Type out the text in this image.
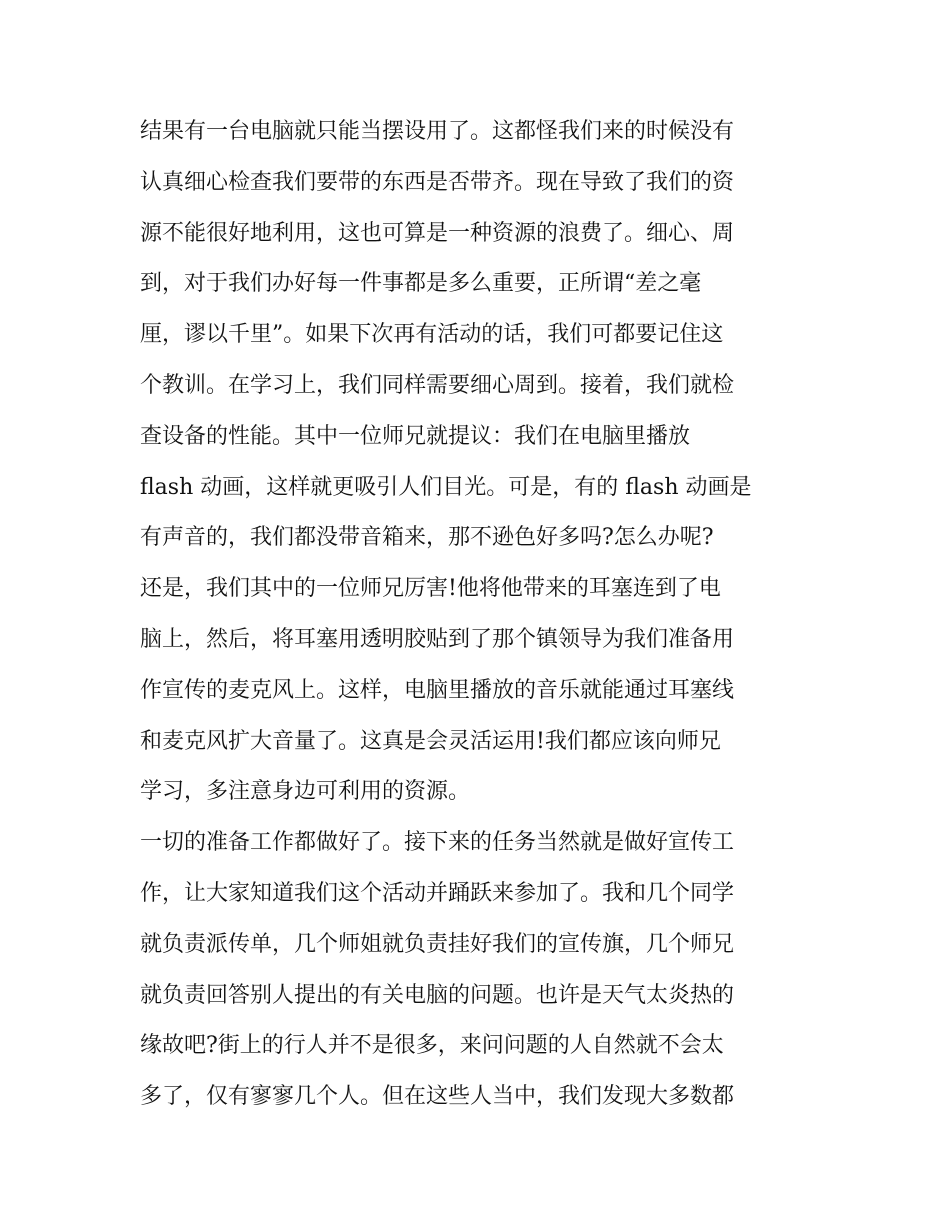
结果有一台电脑就只能当摆设用了。这都怪我们来的时候没有
认真细心检查我们要带的东西是否带齐。现在导致了我们的资
源不能很好地利用，这也可算是一种资源的浪费了。细心、周
到，对于我们办好每一件事都是多么重要，正所谓“差之毫
厘，谬以千里”。如果下次再有活动的话，我们可都要记住这
个教训。在学习上，我们同样需要细心周到。接着，我们就检
查设备的性能。其中一位师兄就提议：我们在电脑里播放
flash 动画，这样就更吸引人们目光。可是，有的 flash 动画是
有声音的，我们都没带音箱来，那不逊色好多吗?怎么办呢?
还是，我们其中的一位师兄厉害!他将他带来的耳塞连到了电
脑上，然后，将耳塞用透明胶贴到了那个镇领导为我们准备用
作宣传的麦克风上。这样，电脑里播放的音乐就能通过耳塞线
和麦克风扩大音量了。这真是会灵活运用!我们都应该向师兄
学习，多注意身边可利用的资源。
一切的准备工作都做好了。接下来的任务当然就是做好宣传工
作，让大家知道我们这个活动并踊跃来参加了。我和几个同学
就负责派传单，几个师姐就负责挂好我们的宣传旗，几个师兄
就负责回答别人提出的有关电脑的问题。也许是天气太炎热的
缘故吧?街上的行人并不是很多，来问问题的人自然就不会太
多了，仅有寥寥几个人。但在这些人当中，我们发现大多数都
